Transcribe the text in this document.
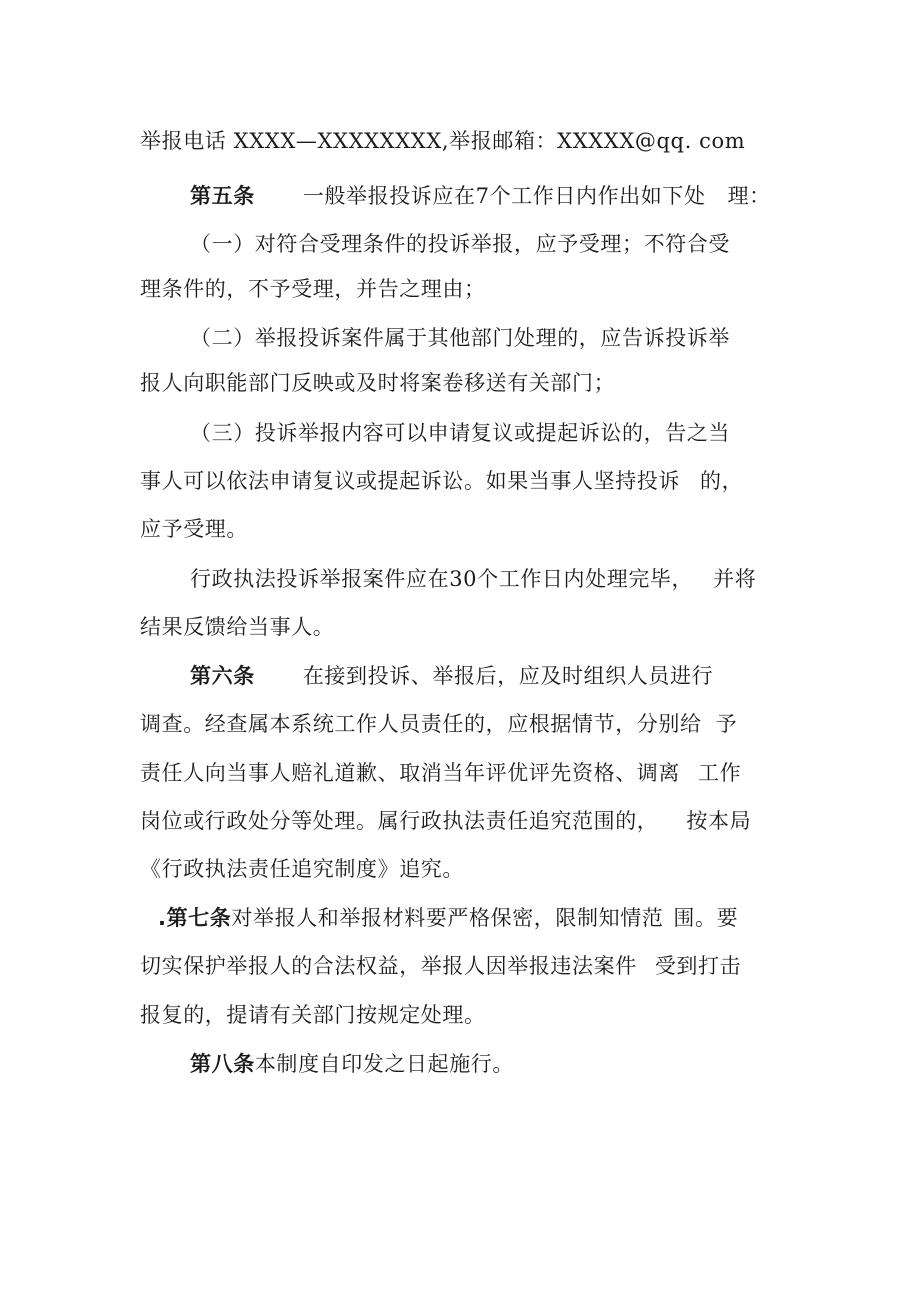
举报电话 XXXX—XXXXXXXX,举报邮箱：XXXXX@qq. com
第五条 一般举报投诉应在7个工作日内作出如下处 理：
（一）对符合受理条件的投诉举报，应予受理；不符合受
理条件的，不予受理，并告之理由；
（二）举报投诉案件属于其他部门处理的，应告诉投诉举
报人向职能部门反映或及时将案卷移送有关部门；
（三）投诉举报内容可以申请复议或提起诉讼的，告之当
事人可以依法申请复议或提起诉讼。如果当事人坚持投诉 的，
应予受理。
行政执法投诉举报案件应在30个工作日内处理完毕， 并将
结果反馈给当事人。
第六条 在接到投诉、举报后，应及时组织人员进行
调查。经查属本系统工作人员责任的，应根据情节，分别给 予
责任人向当事人赔礼道歉、取消当年评优评先资格、调离 工作
岗位或行政处分等处理。属行政执法责任追究范围的， 按本局
《行政执法责任追究制度》追究。
.第七条对举报人和举报材料要严格保密，限制知情范 围。要
切实保护举报人的合法权益，举报人因举报违法案件 受到打击
报复的，提请有关部门按规定处理。
第八条本制度自印发之日起施行。
